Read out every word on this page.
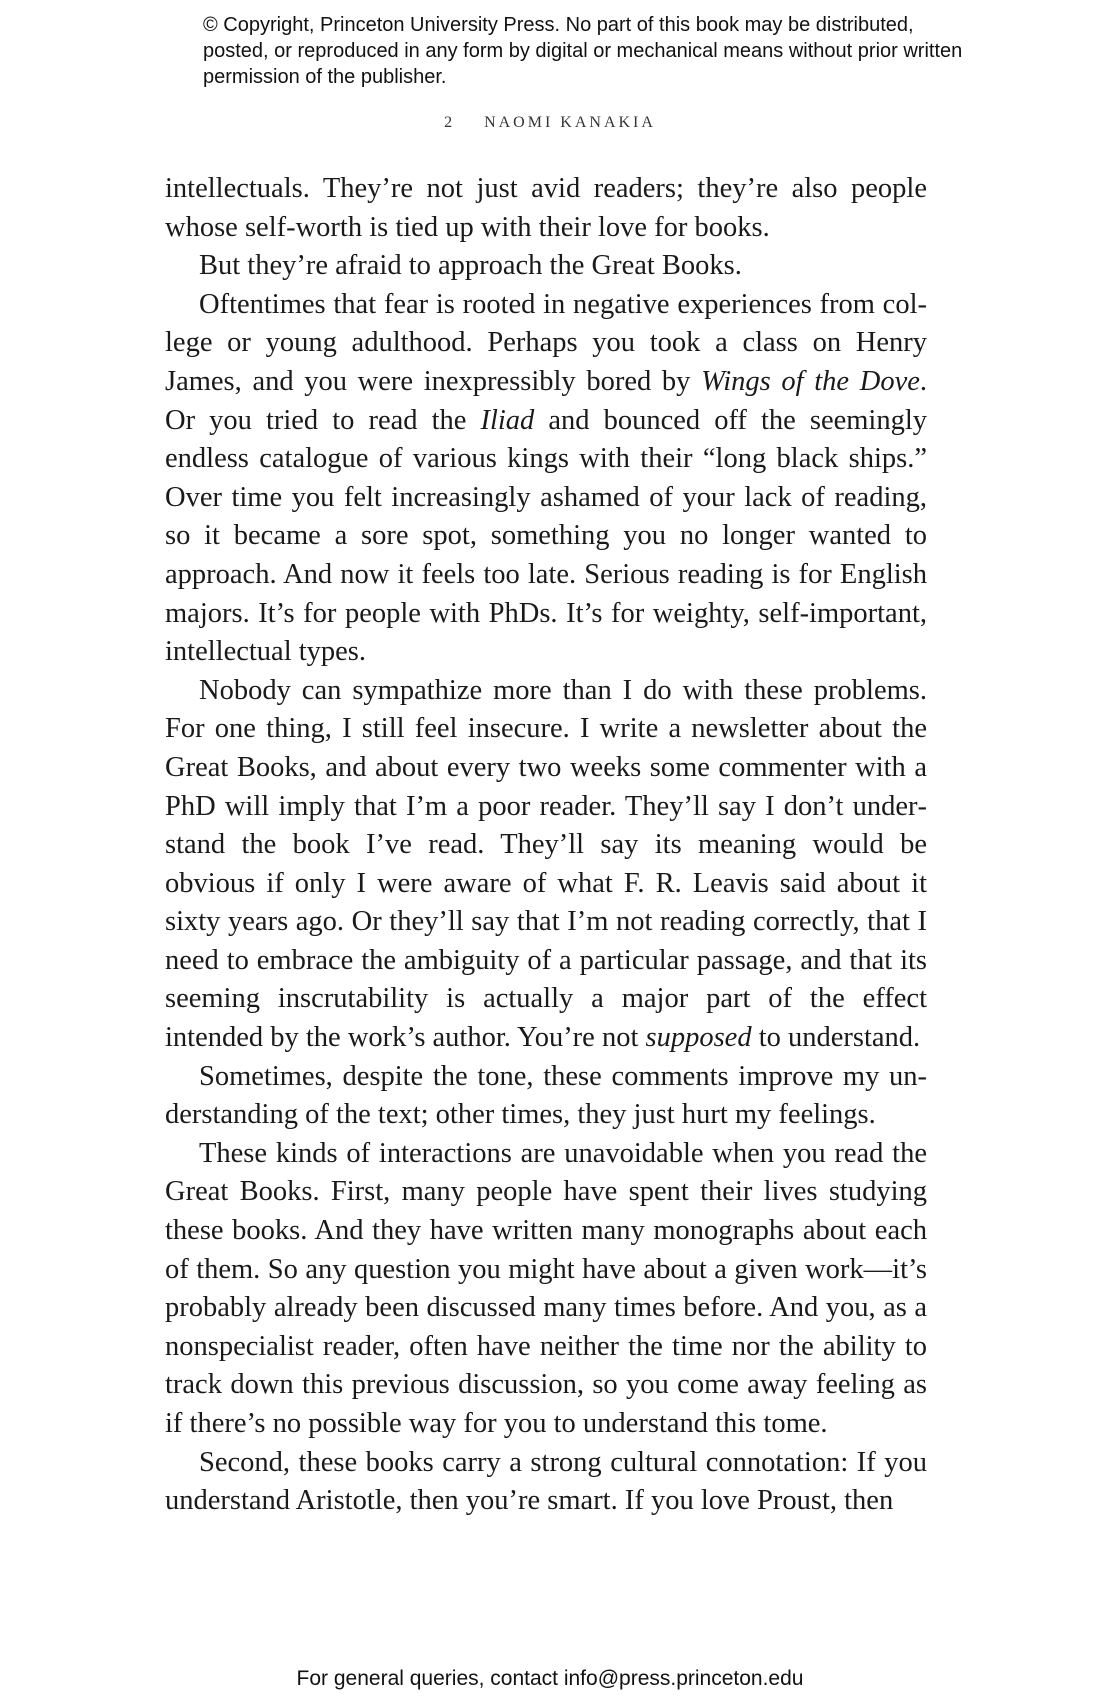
© Copyright, Princeton University Press. No part of this book may be distributed, posted, or reproduced in any form by digital or mechanical means without prior written permission of the publisher.
2 NAOMI KANAKIA

intellectuals. They’re not just avid readers; they’re also people whose self-worth is tied up with their love for books.

But they’re afraid to approach the Great Books.

Oftentimes that fear is rooted in negative experiences from college or young adulthood. Perhaps you took a class on Henry James, and you were inexpressibly bored by Wings of the Dove. Or you tried to read the Iliad and bounced off the seemingly endless catalogue of various kings with their “long black ships.” Over time you felt increasingly ashamed of your lack of reading, so it became a sore spot, something you no longer wanted to approach. And now it feels too late. Serious reading is for English majors. It’s for people with PhDs. It’s for weighty, self-important, intellectual types.

Nobody can sympathize more than I do with these problems. For one thing, I still feel insecure. I write a newsletter about the Great Books, and about every two weeks some commenter with a PhD will imply that I’m a poor reader. They’ll say I don’t understand the book I’ve read. They’ll say its meaning would be obvious if only I were aware of what F. R. Leavis said about it sixty years ago. Or they’ll say that I’m not reading correctly, that I need to embrace the ambiguity of a particular passage, and that its seeming inscrutability is actually a major part of the effect intended by the work’s author. You’re not supposed to understand.

Sometimes, despite the tone, these comments improve my understanding of the text; other times, they just hurt my feelings.

These kinds of interactions are unavoidable when you read the Great Books. First, many people have spent their lives studying these books. And they have written many monographs about each of them. So any question you might have about a given work—it’s probably already been discussed many times before. And you, as a nonspecialist reader, often have neither the time nor the ability to track down this previous discussion, so you come away feeling as if there’s no possible way for you to understand this tome.

Second, these books carry a strong cultural connotation: If you understand Aristotle, then you’re smart. If you love Proust, then

For general queries, contact info@press.princeton.edu
